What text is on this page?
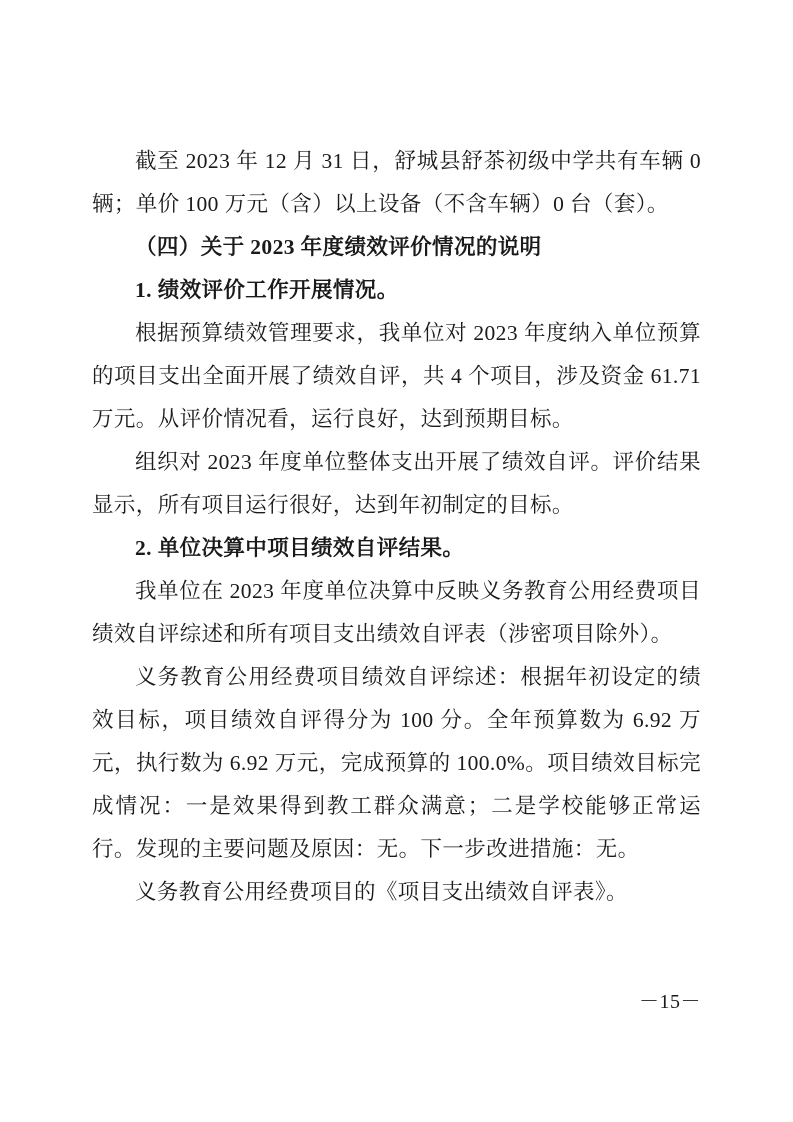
截至 2023 年 12 月 31 日，舒城县舒茶初级中学共有车辆 0 辆；单价 100 万元（含）以上设备（不含车辆）0 台（套）。

（四）关于 2023 年度绩效评价情况的说明

1. 绩效评价工作开展情况。

根据预算绩效管理要求，我单位对 2023 年度纳入单位预算的项目支出全面开展了绩效自评，共 4 个项目，涉及资金 61.71 万元。从评价情况看，运行良好，达到预期目标。

组织对 2023 年度单位整体支出开展了绩效自评。评价结果显示，所有项目运行很好，达到年初制定的目标。

2. 单位决算中项目绩效自评结果。

我单位在 2023 年度单位决算中反映义务教育公用经费项目绩效自评综述和所有项目支出绩效自评表（涉密项目除外）。

义务教育公用经费项目绩效自评综述：根据年初设定的绩效目标，项目绩效自评得分为 100 分。全年预算数为 6.92 万元，执行数为 6.92 万元，完成预算的 100.0%。项目绩效目标完成情况：一是效果得到教工群众满意；二是学校能够正常运行。发现的主要问题及原因：无。下一步改进措施：无。

义务教育公用经费项目的《项目支出绩效自评表》。

－15－
